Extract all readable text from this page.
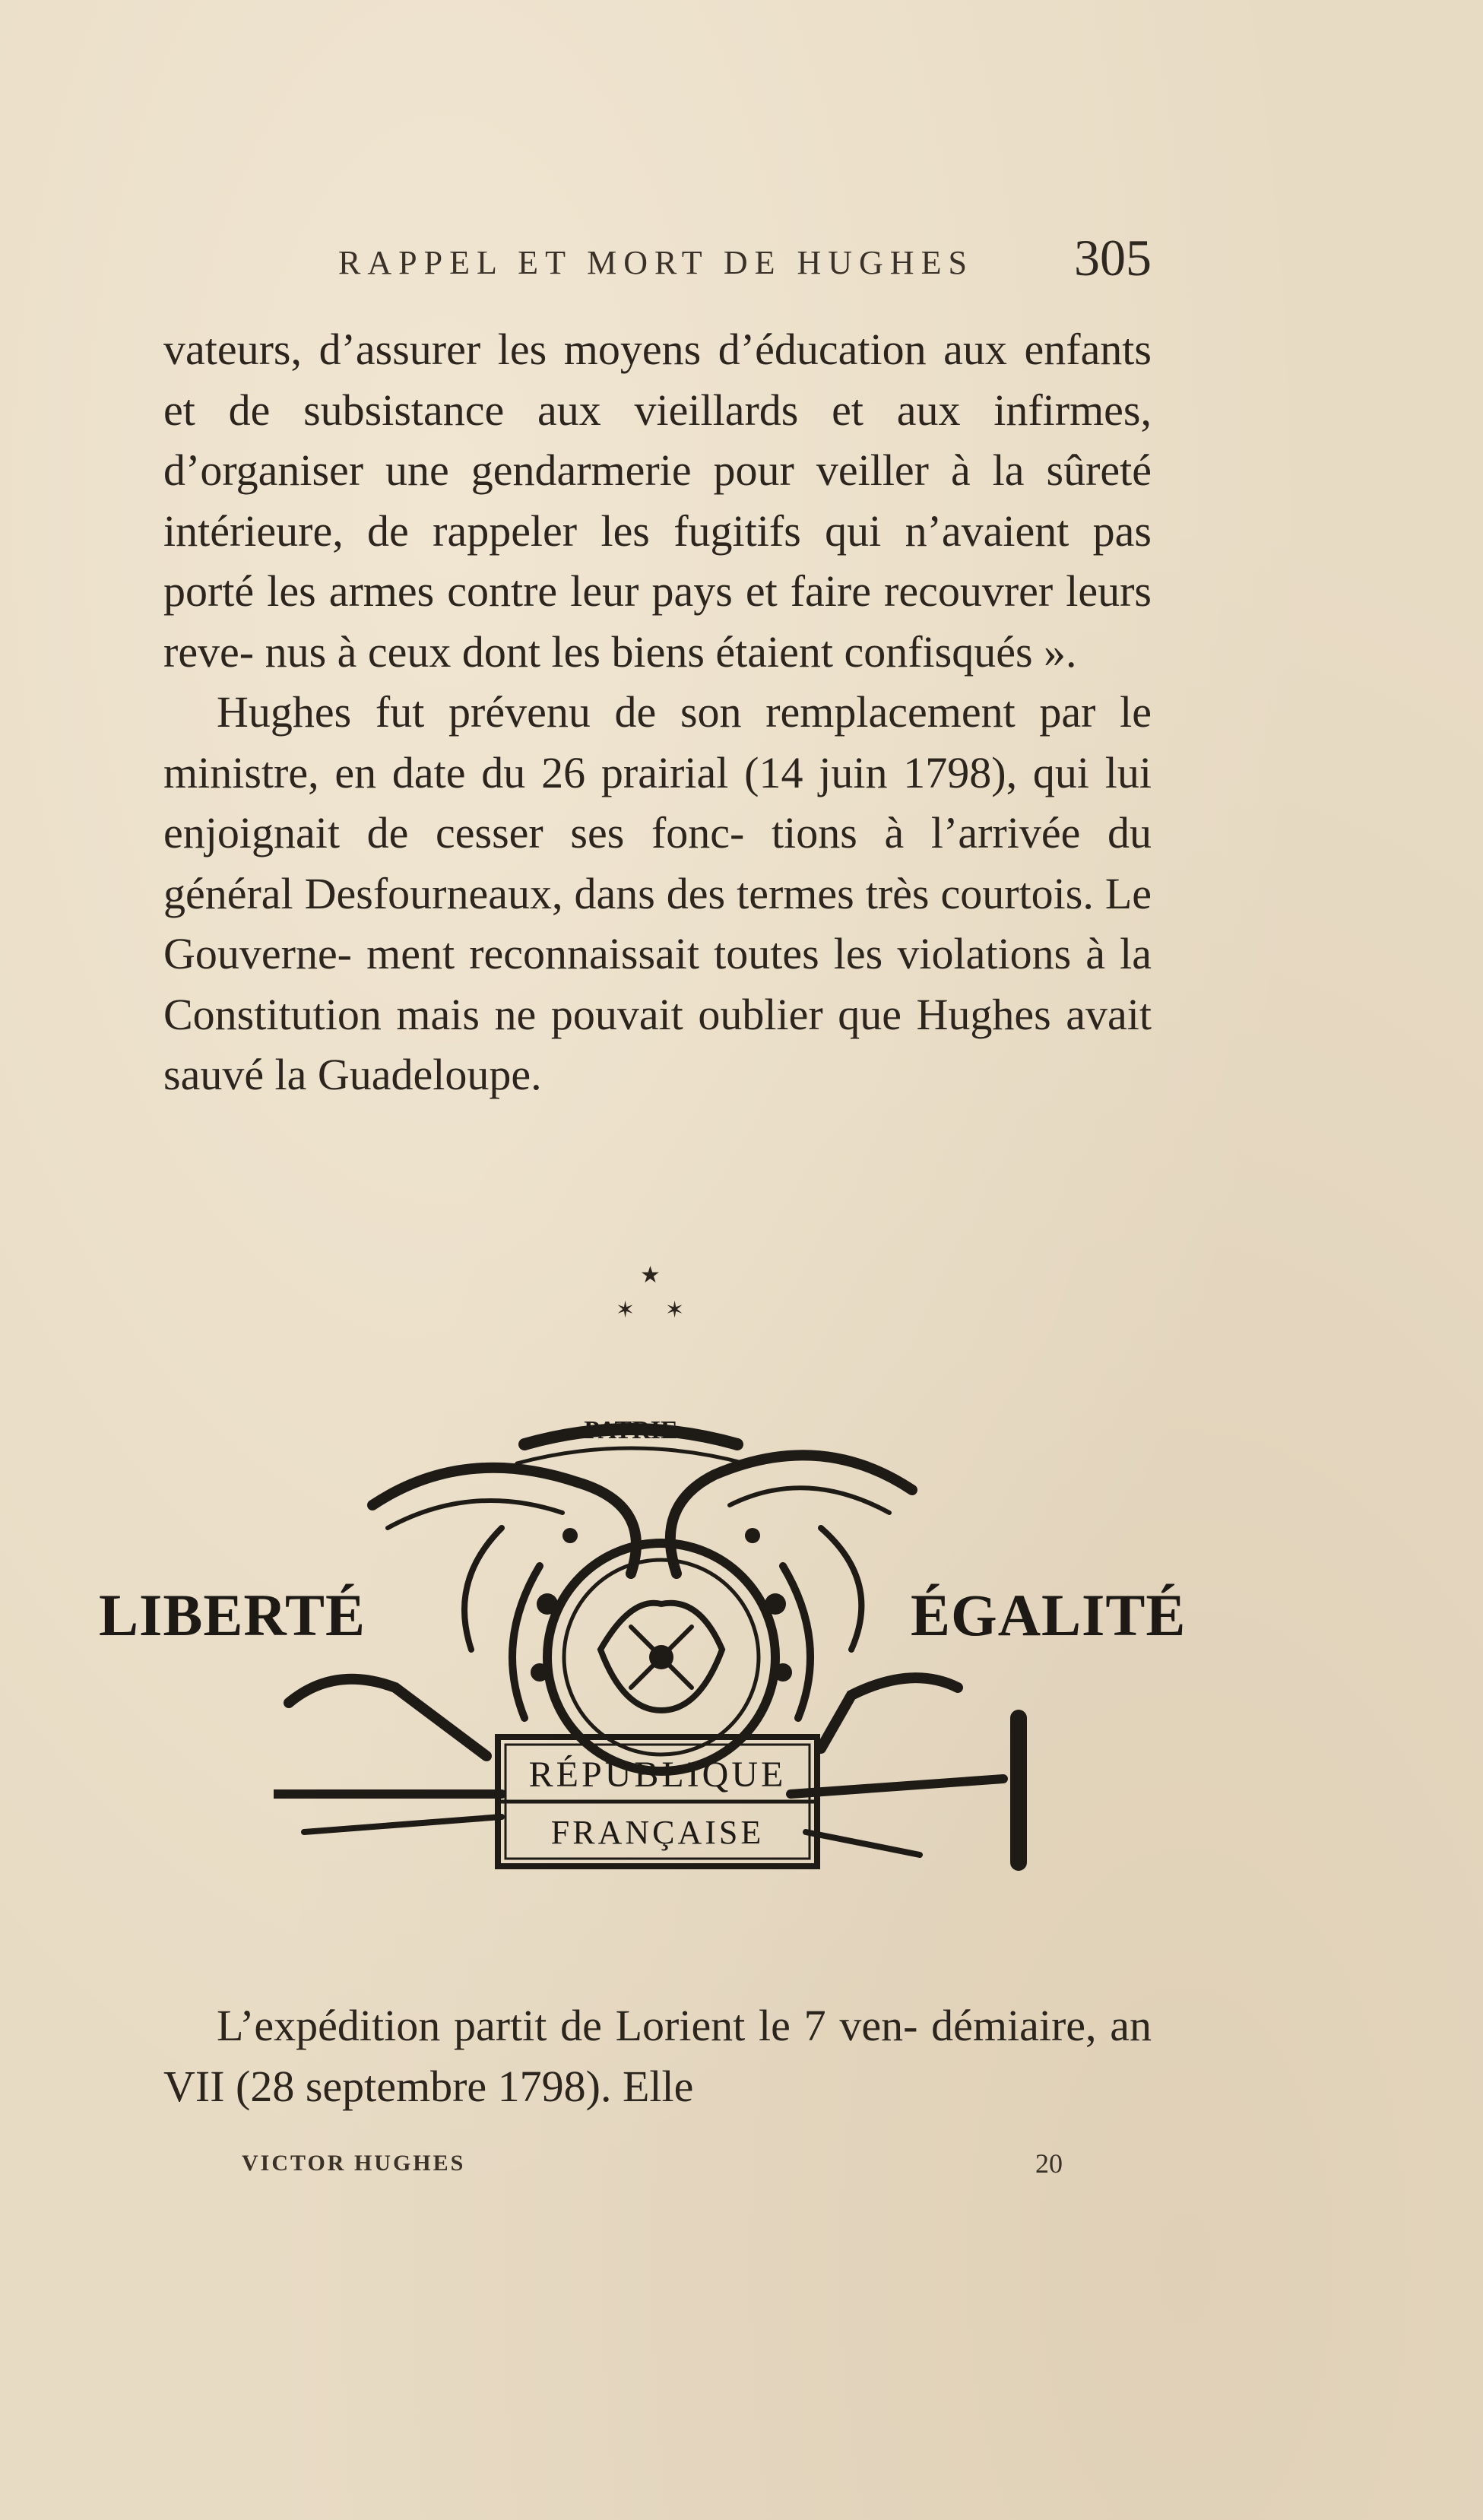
RAPPEL ET MORT DE HUGHES 305

vateurs, d’assurer les moyens d’éducation aux enfants et de subsistance aux vieillards et aux infirmes, d’organiser une gendarmerie pour veiller à la sûreté intérieure, de rappeler les fugitifs qui n’avaient pas porté les armes contre leur pays et faire recouvrer leurs reve- nus à ceux dont les biens étaient confisqués ».

Hughes fut prévenu de son remplacement par le ministre, en date du 26 prairial (14 juin 1798), qui lui enjoignait de cesser ses fonc- tions à l’arrivée du général Desfourneaux, dans des termes très courtois. Le Gouverne- ment reconnaissait toutes les violations à la Constitution mais ne pouvait oublier que Hughes avait sauvé la Guadeloupe.

★
✶ ✶
LIBERTÉ	ÉGALITÉ
PATRIE
RÉPUBLIQUE
FRANÇAISE

L’expédition partit de Lorient le 7 ven- démiaire, an VII (28 septembre 1798). Elle

VICTOR HUGHES	20
